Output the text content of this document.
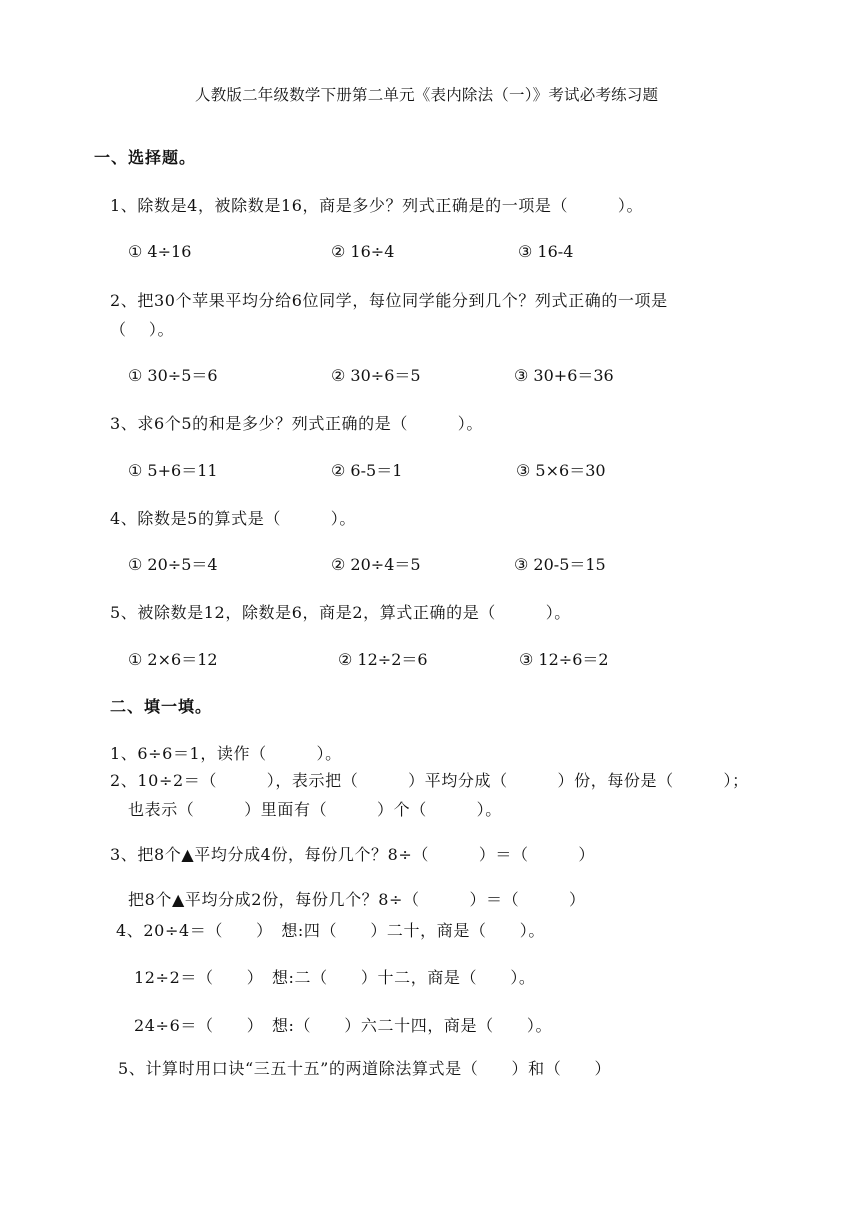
人教版二年级数学下册第二单元《表内除法（一）》考试必考练习题
一、选择题。
1、除数是4，被除数是16，商是多少？列式正确是的一项是（　　　）。
① 4÷16	② 16÷4	③ 16-4
2、把30个苹果平均分给6位同学，每位同学能分到几个？列式正确的一项是
（　 ）。
① 30÷5＝6	② 30÷6＝5	③ 30+6＝36
3、求6个5的和是多少？列式正确的是（　　　）。
① 5+6＝11	② 6-5＝1	③ 5×6＝30
4、除数是5的算式是（　　　）。
① 20÷5＝4	② 20÷4＝5	③ 20-5＝15
5、被除数是12，除数是6，商是2，算式正确的是（　　　）。
① 2×6＝12	② 12÷2＝6	③ 12÷6＝2
二、填一填。
1、6÷6＝1，读作（　　　）。
2、10÷2＝（　　　），表示把（　　　）平均分成（　　　）份，每份是（　　　）；
也表示（　　　）里面有（　　　）个（　　　）。
3、把8个▲平均分成4份，每份几个？8÷（　　　）＝（　　　）
把8个▲平均分成2份，每份几个？8÷（　　　）＝（　　　）
4、20÷4＝（　　）　想:四（　　）二十，商是（　　）。
12÷2＝（　　）　想:二（　　）十二，商是（　　）。
24÷6＝（　　）　想:（　　）六二十四，商是（　　）。
5、计算时用口诀“三五十五”的两道除法算式是（　　）和（　　）
